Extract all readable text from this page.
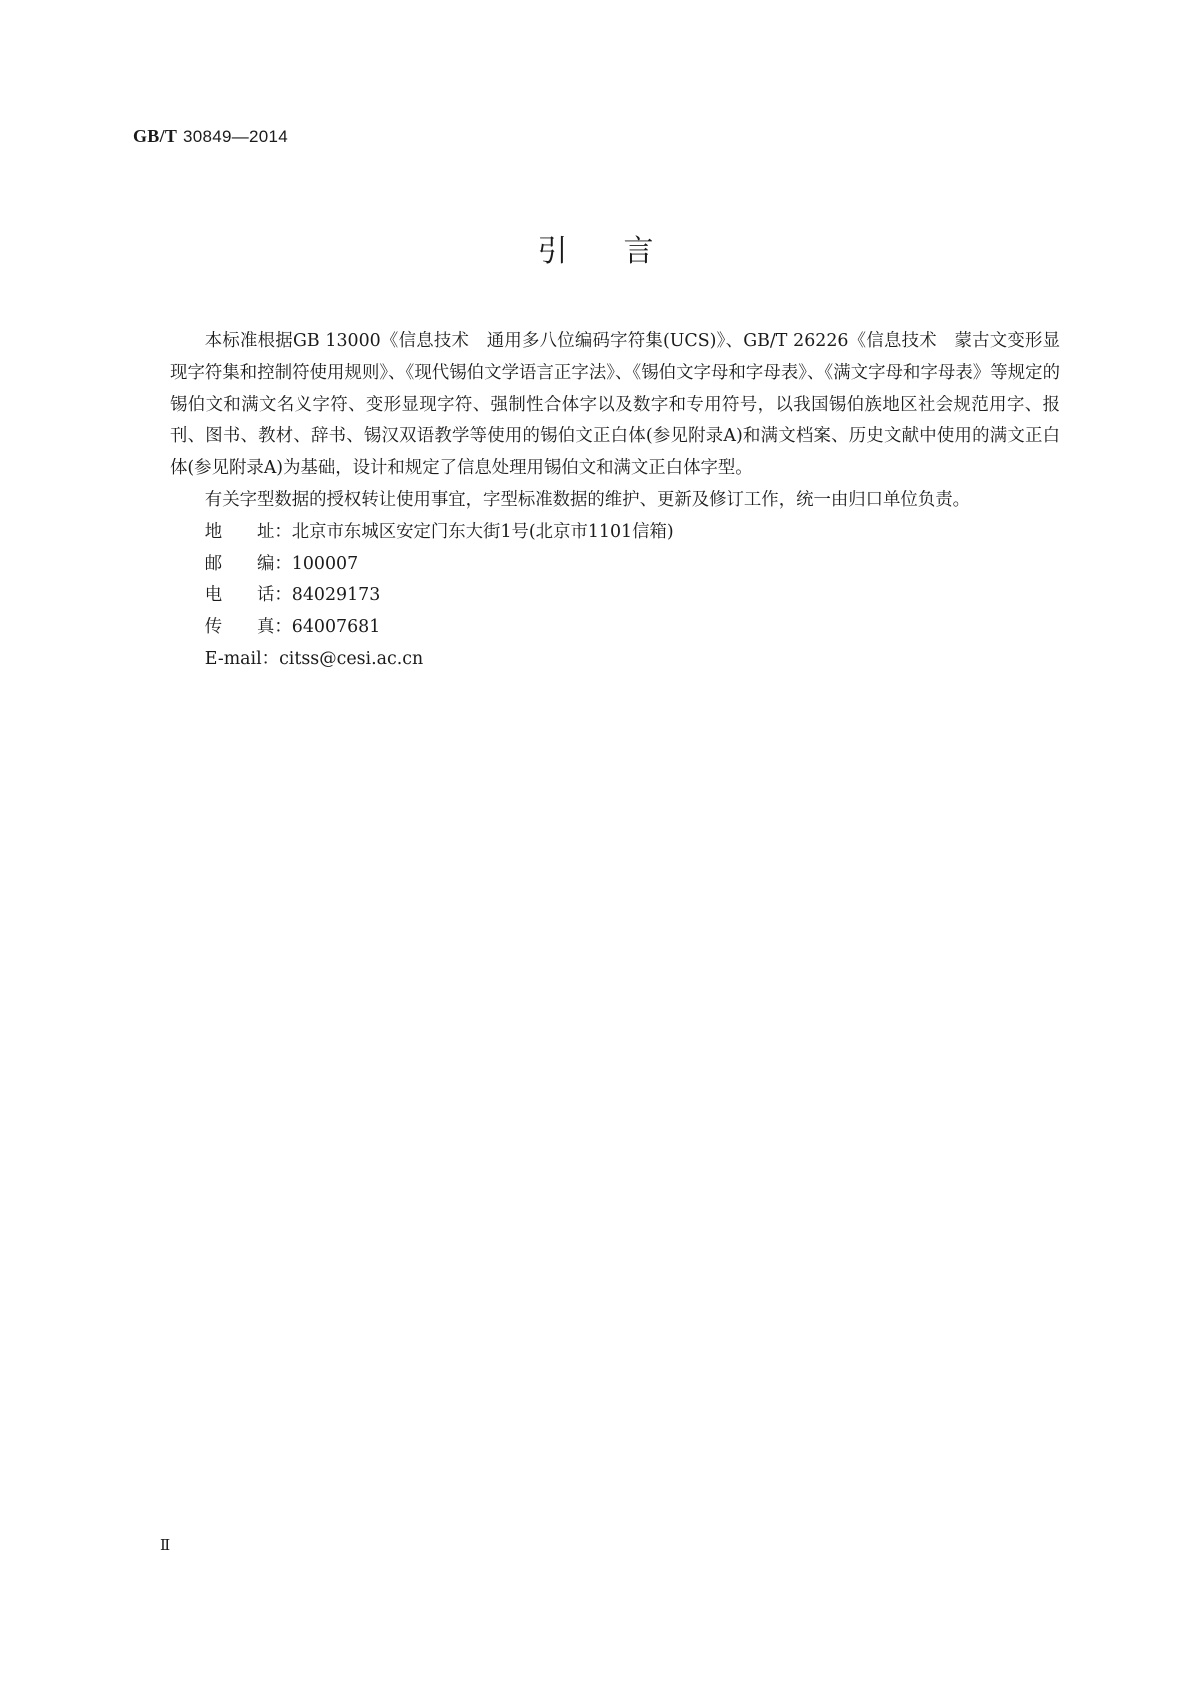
GB/T 30849—2014
引言

本标准根据GB 13000《信息技术　通用多八位编码字符集(UCS)》、GB/T 26226《信息技术　蒙古文变形显现字符集和控制符使用规则》、《现代锡伯文学语言正字法》、《锡伯文字母和字母表》、《满文字母和字母表》等规定的锡伯文和满文名义字符、变形显现字符、强制性合体字以及数字和专用符号，以我国锡伯族地区社会规范用字、报刊、图书、教材、辞书、锡汉双语教学等使用的锡伯文正白体(参见附录A)和满文档案、历史文献中使用的满文正白体(参见附录A)为基础，设计和规定了信息处理用锡伯文和满文正白体字型。

有关字型数据的授权转让使用事宜，字型标准数据的维护、更新及修订工作，统一由归口单位负责。

地　　址：北京市东城区安定门东大街1号(北京市1101信箱)

邮　　编：100007

电　　话：84029173

传　　真：64007681

E-mail：citss@cesi.ac.cn

Ⅱ
